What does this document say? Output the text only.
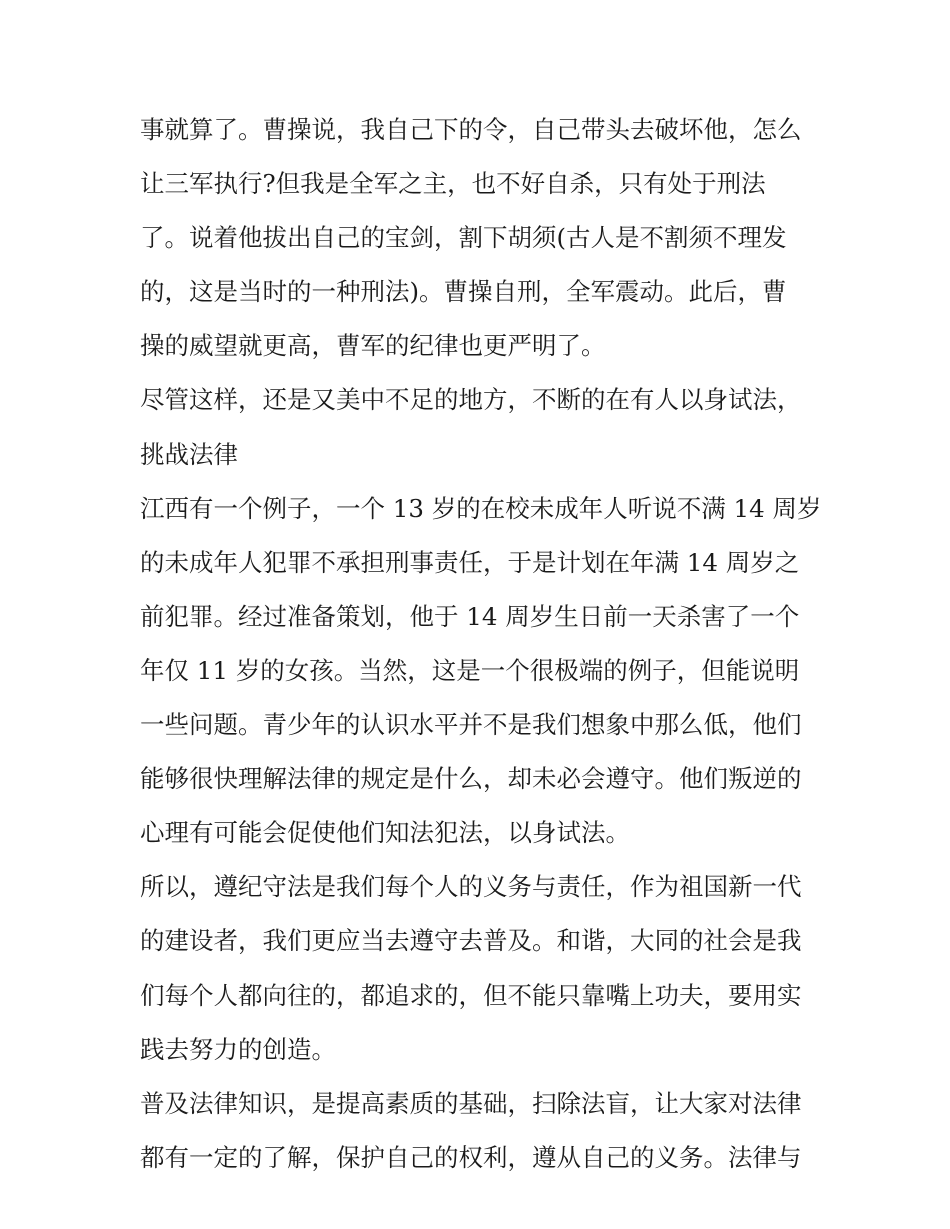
事就算了。曹操说，我自己下的令，自己带头去破坏他，怎么
让三军执行?但我是全军之主，也不好自杀，只有处于刑法
了。说着他拔出自己的宝剑，割下胡须(古人是不割须不理发
的，这是当时的一种刑法)。曹操自刑，全军震动。此后，曹
操的威望就更高，曹军的纪律也更严明了。
尽管这样，还是又美中不足的地方，不断的在有人以身试法，
挑战法律
江西有一个例子，一个 13 岁的在校未成年人听说不满 14 周岁
的未成年人犯罪不承担刑事责任，于是计划在年满 14 周岁之
前犯罪。经过准备策划，他于 14 周岁生日前一天杀害了一个
年仅 11 岁的女孩。当然，这是一个很极端的例子，但能说明
一些问题。青少年的认识水平并不是我们想象中那么低，他们
能够很快理解法律的规定是什么，却未必会遵守。他们叛逆的
心理有可能会促使他们知法犯法，以身试法。
所以，遵纪守法是我们每个人的义务与责任，作为祖国新一代
的建设者，我们更应当去遵守去普及。和谐，大同的社会是我
们每个人都向往的，都追求的，但不能只靠嘴上功夫，要用实
践去努力的创造。
普及法律知识，是提高素质的基础，扫除法盲，让大家对法律
都有一定的了解，保护自己的权利，遵从自己的义务。法律与
